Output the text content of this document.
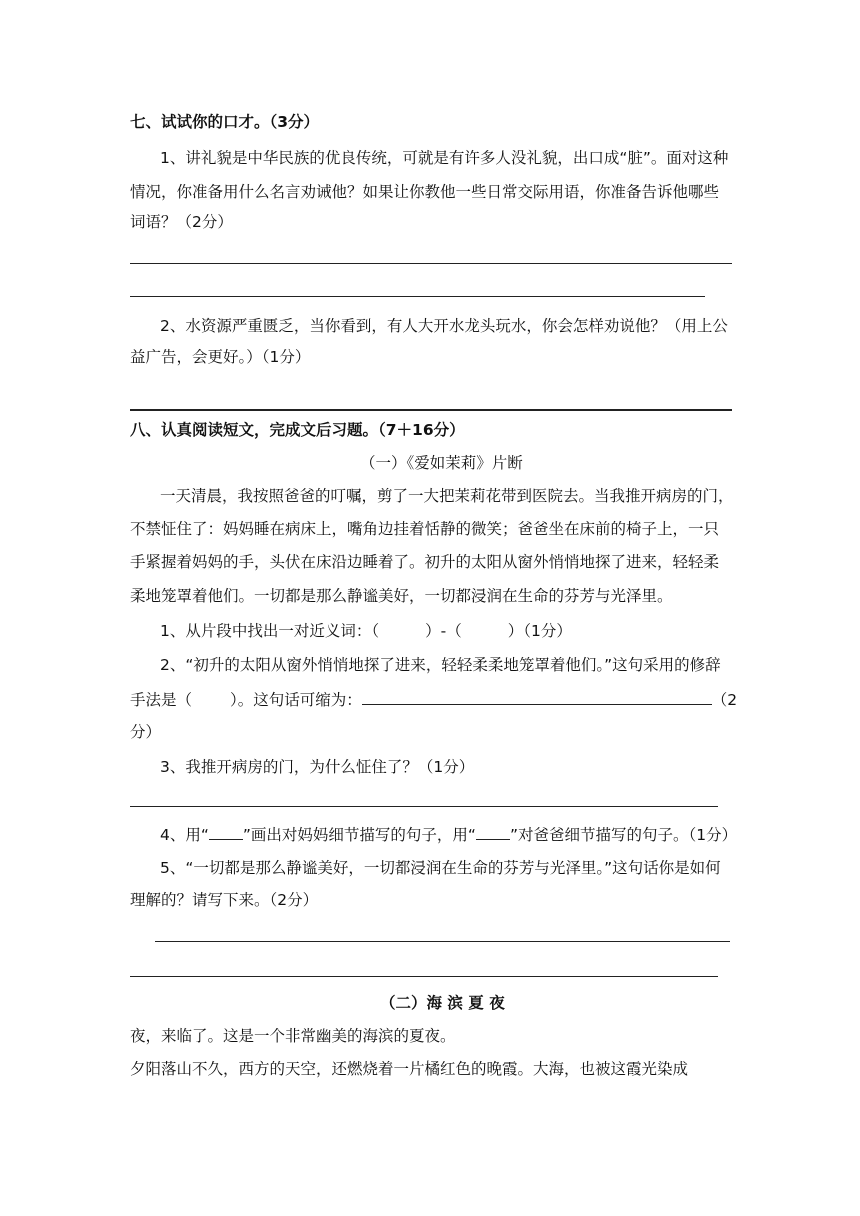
七、试试你的口才。（3分）
1、讲礼貌是中华民族的优良传统，可就是有许多人没礼貌，出口成“脏”。面对这种
情况，你准备用什么名言劝诫他？如果让你教他一些日常交际用语，你准备告诉他哪些
词语？（2分）
2、水资源严重匮乏，当你看到，有人大开水龙头玩水，你会怎样劝说他？（用上公
益广告，会更好。）（1分）
八、认真阅读短文，完成文后习题。（7＋16分）
（一）《爱如茉莉》片断
一天清晨，我按照爸爸的叮嘱，剪了一大把茉莉花带到医院去。当我推开病房的门，
不禁怔住了：妈妈睡在病床上，嘴角边挂着恬静的微笑；爸爸坐在床前的椅子上，一只
手紧握着妈妈的手，头伏在床沿边睡着了。初升的太阳从窗外悄悄地探了进来，轻轻柔
柔地笼罩着他们。一切都是那么静谧美好，一切都浸润在生命的芬芳与光泽里。
1、从片段中找出一对近义词：（	）-（	）（1分）
2、“初升的太阳从窗外悄悄地探了进来，轻轻柔柔地笼罩着他们。”这句采用的修辞
手法是（ ）。这句话可缩为：	（2
分）
3、我推开病房的门，为什么怔住了？（1分）
4、用“ ”画出对妈妈细节描写的句子，用“ ”对爸爸细节描写的句子。（1分）
5、“一切都是那么静谧美好，一切都浸润在生命的芬芳与光泽里。”这句话你是如何
理解的？请写下来。（2分）
（二）海 滨 夏 夜
夜，来临了。这是一个非常幽美的海滨的夏夜。
夕阳落山不久，西方的天空，还燃烧着一片橘红色的晚霞。大海，也被这霞光染成
